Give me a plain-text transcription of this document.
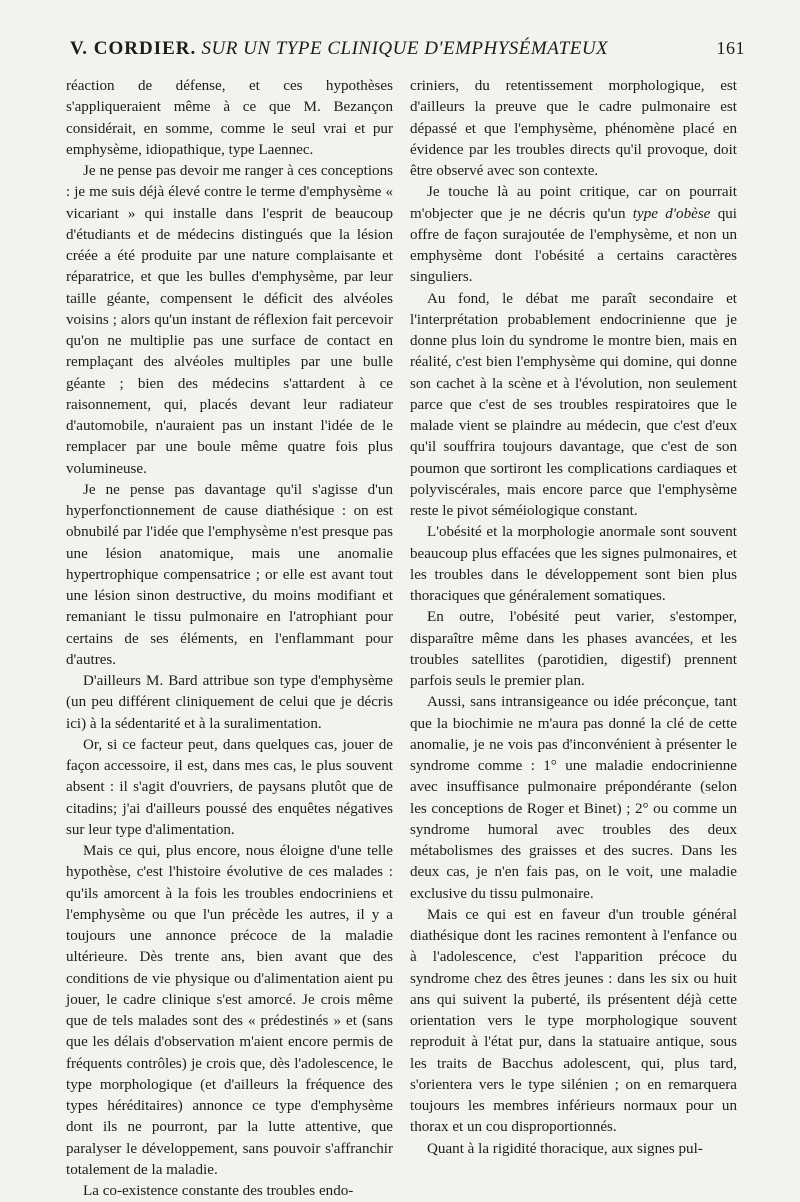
V. CORDIER. SUR UN TYPE CLINIQUE D'EMPHYSÉMATEUX	161

réaction de défense, et ces hypothèses s'appliqueraient même à ce que M. Bezançon considérait, en somme, comme le seul vrai et pur emphysème, idiopathique, type Laennec.

Je ne pense pas devoir me ranger à ces conceptions : je me suis déjà élevé contre le terme d'emphysème « vicariant » qui installe dans l'esprit de beaucoup d'étudiants et de médecins distingués que la lésion créée a été produite par une nature complaisante et réparatrice, et que les bulles d'emphysème, par leur taille géante, compensent le déficit des alvéoles voisins ; alors qu'un instant de réflexion fait percevoir qu'on ne multiplie pas une surface de contact en remplaçant des alvéoles multiples par une bulle géante ; bien des médecins s'attardent à ce raisonnement, qui, placés devant leur radiateur d'automobile, n'auraient pas un instant l'idée de le remplacer par une boule même quatre fois plus volumineuse.

Je ne pense pas davantage qu'il s'agisse d'un hyperfonctionnement de cause diathésique : on est obnubilé par l'idée que l'emphysème n'est presque pas une lésion anatomique, mais une anomalie hypertrophique compensatrice ; or elle est avant tout une lésion sinon destructive, du moins modifiant et remaniant le tissu pulmonaire en l'atrophiant pour certains de ses éléments, en l'enflammant pour d'autres.

D'ailleurs M. Bard attribue son type d'emphysème (un peu différent cliniquement de celui que je décris ici) à la sédentarité et à la suralimentation.

Or, si ce facteur peut, dans quelques cas, jouer de façon accessoire, il est, dans mes cas, le plus souvent absent : il s'agit d'ouvriers, de paysans plutôt que de citadins; j'ai d'ailleurs poussé des enquêtes négatives sur leur type d'alimentation.

Mais ce qui, plus encore, nous éloigne d'une telle hypothèse, c'est l'histoire évolutive de ces malades : qu'ils amorcent à la fois les troubles endocriniens et l'emphysème ou que l'un précède les autres, il y a toujours une annonce précoce de la maladie ultérieure. Dès trente ans, bien avant que des conditions de vie physique ou d'alimentation aient pu jouer, le cadre clinique s'est amorcé. Je crois même que de tels malades sont des « prédestinés » et (sans que les délais d'observation m'aient encore permis de fréquents contrôles) je crois que, dès l'adolescence, le type morphologique (et d'ailleurs la fréquence des types héréditaires) annonce ce type d'emphysème dont ils ne pourront, par la lutte attentive, que paralyser le développement, sans pouvoir s'affranchir totalement de la maladie.

La co-existence constante des troubles endo-

criniers, du retentissement morphologique, est d'ailleurs la preuve que le cadre pulmonaire est dépassé et que l'emphysème, phénomène placé en évidence par les troubles directs qu'il provoque, doit être observé avec son contexte.

Je touche là au point critique, car on pourrait m'objecter que je ne décris qu'un type d'obèse qui offre de façon surajoutée de l'emphysème, et non un emphysème dont l'obésité a certains caractères singuliers.

Au fond, le débat me paraît secondaire et l'interprétation probablement endocrinienne que je donne plus loin du syndrome le montre bien, mais en réalité, c'est bien l'emphysème qui domine, qui donne son cachet à la scène et à l'évolution, non seulement parce que c'est de ses troubles respiratoires que le malade vient se plaindre au médecin, que c'est d'eux qu'il souffrira toujours davantage, que c'est de son poumon que sortiront les complications cardiaques et polyviscérales, mais encore parce que l'emphysème reste le pivot séméiologique constant.

L'obésité et la morphologie anormale sont souvent beaucoup plus effacées que les signes pulmonaires, et les troubles dans le développement sont bien plus thoraciques que généralement somatiques.

En outre, l'obésité peut varier, s'estomper, disparaître même dans les phases avancées, et les troubles satellites (parotidien, digestif) prennent parfois seuls le premier plan.

Aussi, sans intransigeance ou idée préconçue, tant que la biochimie ne m'aura pas donné la clé de cette anomalie, je ne vois pas d'inconvénient à présenter le syndrome comme : 1° une maladie endocrinienne avec insuffisance pulmonaire prépondérante (selon les conceptions de Roger et Binet) ; 2° ou comme un syndrome humoral avec troubles des deux métabolismes des graisses et des sucres. Dans les deux cas, je n'en fais pas, on le voit, une maladie exclusive du tissu pulmonaire.

Mais ce qui est en faveur d'un trouble général diathésique dont les racines remontent à l'enfance ou à l'adolescence, c'est l'apparition précoce du syndrome chez des êtres jeunes : dans les six ou huit ans qui suivent la puberté, ils présentent déjà cette orientation vers le type morphologique souvent reproduit à l'état pur, dans la statuaire antique, sous les traits de Bacchus adolescent, qui, plus tard, s'orientera vers le type silénien ; on en remarquera toujours les membres inférieurs normaux pour un thorax et un cou disproportionnés.

Quant à la rigidité thoracique, aux signes pul-
